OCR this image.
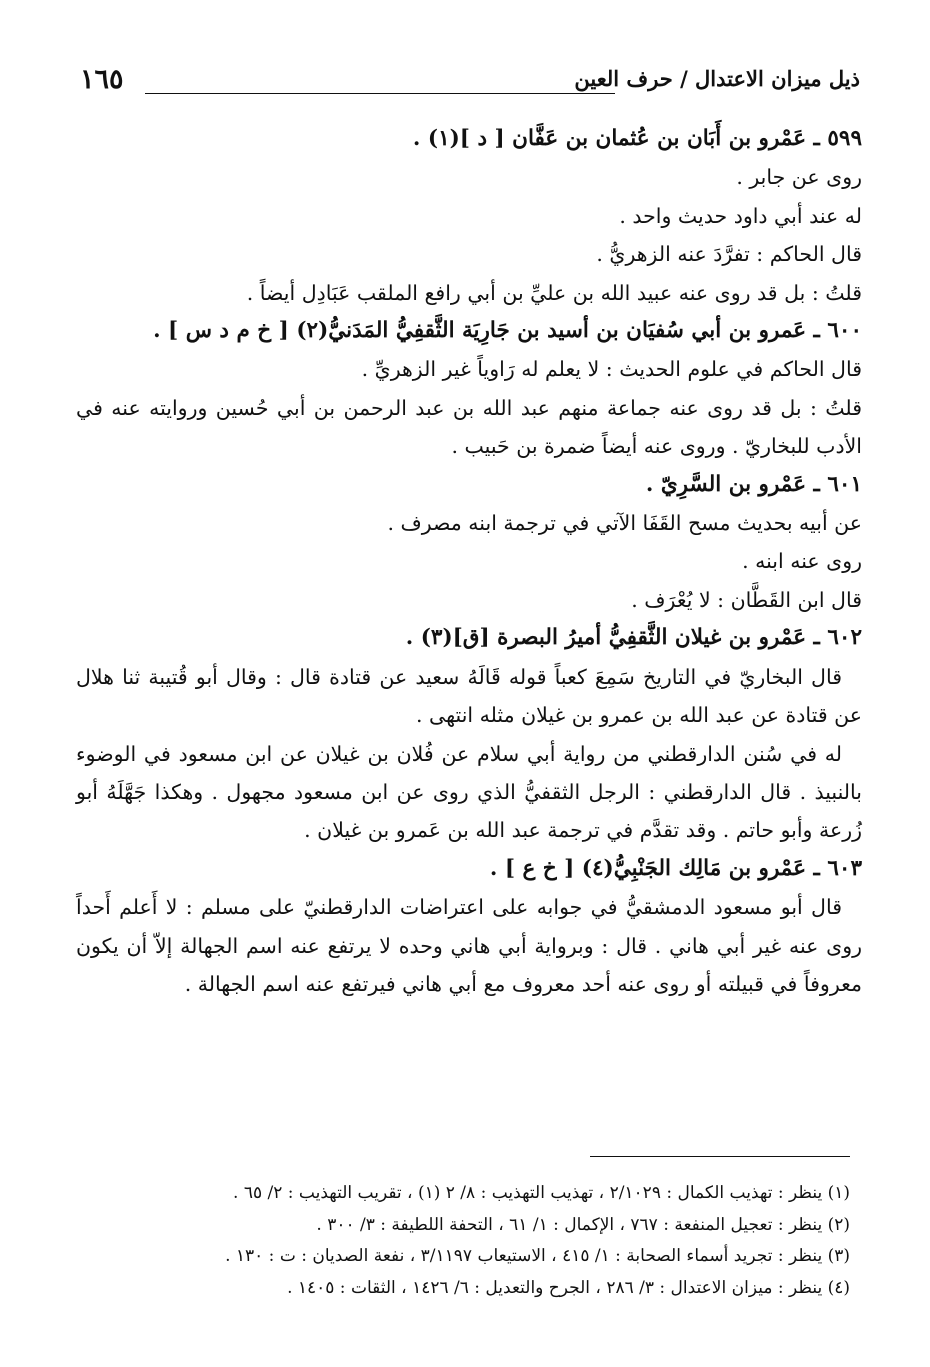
١٦٥	ذيل ميزان الاعتدال / حرف العين

٥٩٩ ـ عَمْرو بن أَبَان بن عُثمان بن عَفَّان [ د ](١) .

روى عن جابر .

له عند أبي داود حديث واحد .

قال الحاكم : تفرَّدَ عنه الزهريُّ .

قلتُ : بل قد روى عنه عبيد الله بن عليِّ بن أبي رافع الملقب عَبَادِل أيضاً .

٦٠٠ ـ عَمرو بن أبي سُفيَان بن أسيد بن جَارِيَة الثَّقفِيُّ المَدَنيُّ(٢) [ خ م د س ] .

قال الحاكم في علوم الحديث : لا يعلم له رَاوياً غير الزهريِّ .

قلتُ : بل قد روى عنه جماعة منهم عبد الله بن عبد الرحمن بن أبي حُسين وروايته عنه في الأدب للبخاريّ . وروى عنه أيضاً ضمرة بن حَبيب .

٦٠١ ـ عَمْرو بن السَّرِيّ .

عن أبيه بحديث مسح القَفَا الآتي في ترجمة ابنه مصرف .

روى عنه ابنه .

قال ابن القَطَّان : لا يُعْرَف .

٦٠٢ ـ عَمْرو بن غيلان الثَّقفِيُّ أميرُ البصرة [ق](٣) .

قال البخاريّ في التاريخ سَمِعَ كعباً قوله قَالَهُ سعيد عن قتادة قال : وقال أبو قُتيبة ثنا هلال عن قتادة عن عبد الله بن عمرو بن غيلان مثله انتهى .

له في سُنن الدارقطني من رواية أبي سلام عن فُلان بن غيلان عن ابن مسعود في الوضوء بالنبيذ . قال الدارقطني : الرجل الثقفيُّ الذي روى عن ابن مسعود مجهول . وهكذا جَهَّلَهُ أبو زُرعة وأبو حاتم . وقد تقدَّم في ترجمة عبد الله بن عَمرو بن غيلان .

٦٠٣ ـ عَمْرو بن مَالِك الجَنْبِيُّ(٤) [ خ ع ] .

قال أبو مسعود الدمشقيُّ في جوابه على اعتراضات الدارقطنيّ على مسلم : لا أَعلم أَحداً روى عنه غير أبي هاني . قال : وبرواية أبي هاني وحده لا يرتفع عنه اسم الجهالة إلاّ أن يكون معروفاً في قبيلته أو روى عنه أحد معروف مع أبي هاني فيرتفع عنه اسم الجهالة .

(١) ينظر : تهذيب الكمال : ٢/١٠٢٩ ، تهذيب التهذيب : ٨/ ٢ (١) ، تقريب التهذيب : ٢/ ٦٥ .

(٢) ينظر : تعجيل المنفعة : ٧٦٧ ، الإكمال : ١/ ٦١ ، التحفة اللطيفة : ٣/ ٣٠٠ .

(٣) ينظر : تجريد أسماء الصحابة : ١/ ٤١٥ ، الاستيعاب ٣/١١٩٧ ، نفعة الصديان : ت : ١٣٠ .

(٤) ينظر : ميزان الاعتدال : ٣/ ٢٨٦ ، الجرح والتعديل : ٦/ ١٤٢٦ ، الثقات : ١٤٠٥ .
